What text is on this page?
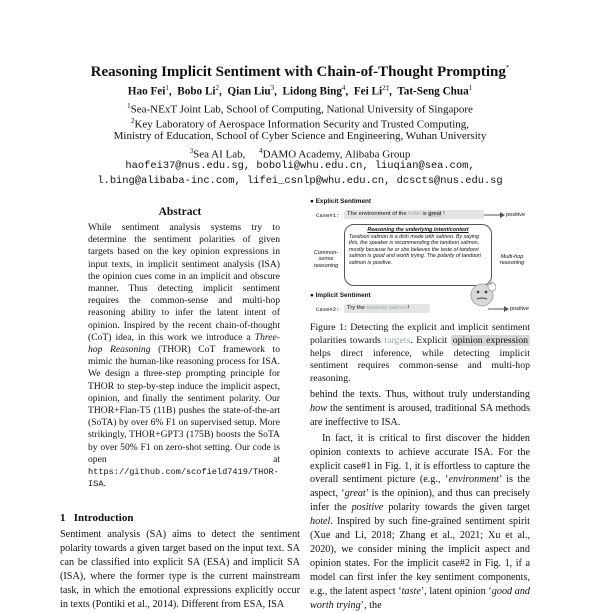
Reasoning Implicit Sentiment with Chain-of-Thought Prompting*
Hao Fei$^1$,  Bobo Li$^2$,  Qian Liu$^3$,  Lidong Bing$^4$,  Fei $Li^{2\ddagger}$,  Tat-Seng Chua$^1$
$^1$Sea-NExT Joint Lab, School of Computing, National University of Singapore
$^2$Key Laboratory of Aerospace Information Security and Trusted Computing,
Ministry of Education, School of Cyber Science and Engineering, Wuhan University
$^3$Sea AI Lab, $^4$DAMO Academy, Alibaba Group
haofei37@nus.edu.sg, boboli@whu.edu.cn, liuqian@sea.com,
l.bing@alibaba-inc.com, lifei_csnlp@whu.edu.cn, dcscts@nus.edu.sg
Abstract
While sentiment analysis systems try to determine the sentiment polarities of given targets based on the key opinion expressions in input texts, in implicit sentiment analysis (ISA) the opinion cues come in an implicit and obscure manner. Thus detecting implicit sentiment requires the common-sense and multi-hop reasoning ability to infer the latent intent of opinion. Inspired by the recent chain-of-thought (CoT) idea, in this work we introduce a Three-hop Reasoning (THOR) CoT framework to mimic the human-like reasoning process for ISA. We design a three-step prompting principle for THOR to step-by-step induce the implicit aspect, opinion, and finally the sentiment polarity. Our THOR+Flan-T5 (11B) pushes the state-of-the-art (SoTA) by over 6% F1 on supervised setup. More strikingly, THOR+GPT3 (175B) boosts the SoTA by over 50% F1 on zero-shot setting. Our code is open at https://github.com/scofield7419/THOR-ISA.
1 Introduction
Sentiment analysis (SA) aims to detect the sentiment polarity towards a given target based on the input text. SA can be classified into explicit SA (ESA) and implicit SA (ISA), where the former type is the current mainstream task, in which the emotional expressions explicitly occur in texts (Pontiki et al., 2014). Different from ESA, ISA
● Explicit Sentiment
Case#1:	The environment of the hotel is great !	positive
Reasoning the underlying intent/context
Tandoori salmon is a dish made with salmon. By saying this, the speaker is recommending the tandoori salmon, mostly because he or she believes the taste of tandoori salmon is good and worth trying. The polarity of tandoori salmon is positive.
Common-
sense
reasoning
Multi-hop
reasoning
✓
● Implicit Sentiment
Case#2:	Try the tandoori salmon!	positive
Figure 1: Detecting the explicit and implicit sentiment polarities towards targets. Explicit opinion expression helps direct inference, while detecting implicit sentiment requires common-sense and multi-hop reasoning.

behind the texts. Thus, without truly understanding how the sentiment is aroused, traditional SA methods are ineffective to ISA.

In fact, it is critical to first discover the hidden opinion contexts to achieve accurate ISA. For the explicit case#1 in Fig. 1, it is effortless to capture the overall sentiment picture (e.g., ‘environment’ is the aspect, ‘great’ is the opinion), and thus can precisely infer the positive polarity towards the given target hotel. Inspired by such fine-grained sentiment spirit (Xue and Li, 2018; Zhang et al., 2021; Xu et al., 2020), we consider mining the implicit aspect and opinion states. For the implicit case#2 in Fig. 1, if a model can first infer the key sentiment components, e.g., the latent aspect ‘taste’, latent opinion ‘good and worth trying’, the
